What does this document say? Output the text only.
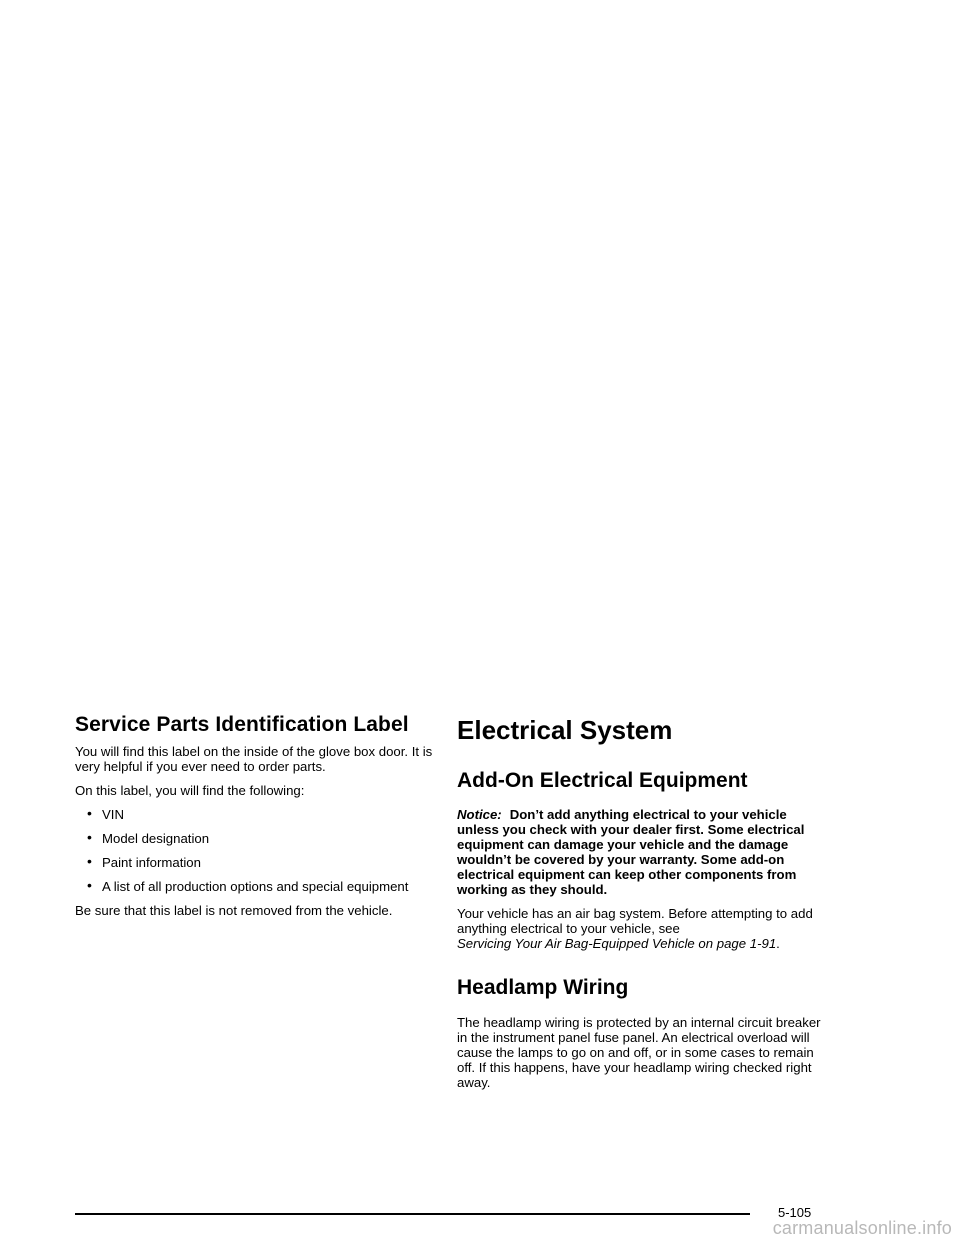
Service Parts Identification Label

You will find this label on the inside of the glove box door. It is very helpful if you ever need to order parts.

On this label, you will find the following:

• VIN
• Model designation
• Paint information
• A list of all production options and special equipment

Be sure that this label is not removed from the vehicle.

Electrical System
Add-On Electrical Equipment

Notice: Don’t add anything electrical to your vehicle unless you check with your dealer first. Some electrical equipment can damage your vehicle and the damage wouldn’t be covered by your warranty. Some add-on electrical equipment can keep other components from working as they should.

Your vehicle has an air bag system. Before attempting to add anything electrical to your vehicle, see
Servicing Your Air Bag-Equipped Vehicle on page 1-91.

Headlamp Wiring

The headlamp wiring is protected by an internal circuit breaker in the instrument panel fuse panel. An electrical overload will cause the lamps to go on and off, or in some cases to remain off. If this happens, have your headlamp wiring checked right away.

5-105
carmanualsonline.info
